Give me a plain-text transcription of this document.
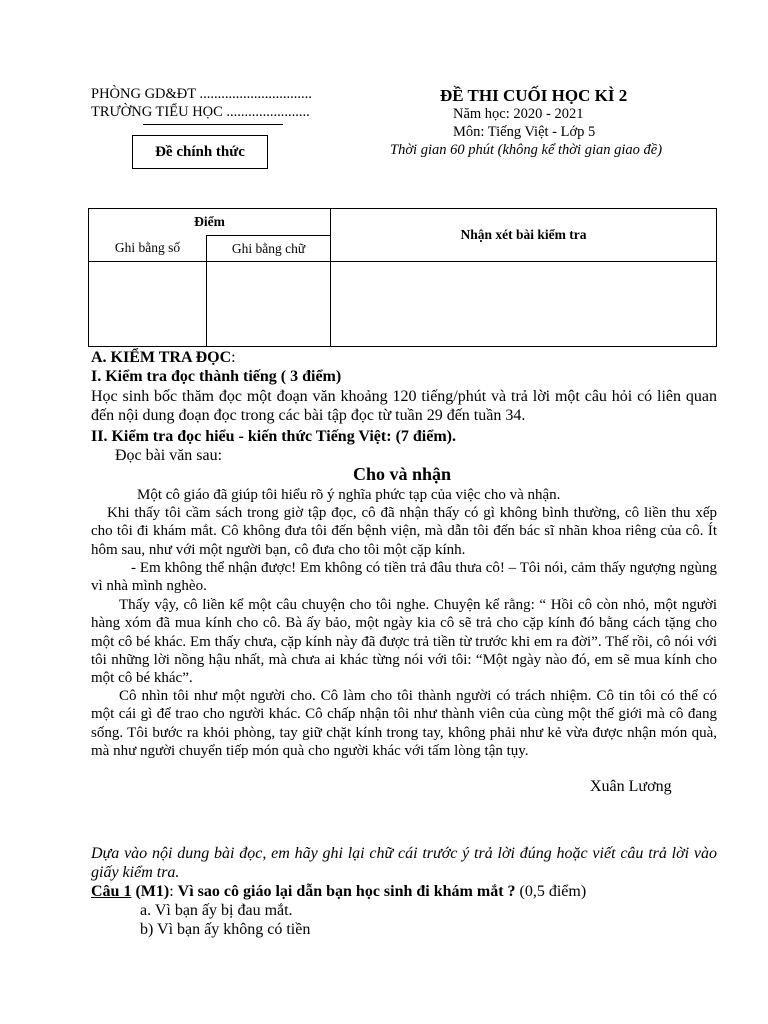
PHÒNG GD&ĐT ...............................
TRƯỜNG TIỂU HỌC .......................
Đề chính thức
ĐỀ THI CUỐI HỌC KÌ 2
Năm học: 2020 - 2021
Môn: Tiếng Việt - Lớp 5
Thời gian 60 phút (không kể thời gian giao đề)
Điểm		Nhận xét bài kiểm tra
Ghi bằng số	Ghi bằng chữ	

A. KIỂM TRA ĐỌC:
I. Kiểm tra đọc thành tiếng ( 3 điểm)
Học sinh bốc thăm đọc một đoạn văn khoảng 120 tiếng/phút và trả lời một câu hỏi có liên quan đến nội dung đoạn đọc trong các bài tập đọc từ tuần 29 đến tuần 34.
II. Kiểm tra đọc hiểu - kiến thức Tiếng Việt: (7 điểm).
Đọc bài văn sau:
Cho và nhận
Một cô giáo đã giúp tôi hiểu rõ ý nghĩa phức tạp của việc cho và nhận.
Khi thấy tôi cầm sách trong giờ tập đọc, cô đã nhận thấy có gì không bình thường, cô liền thu xếp cho tôi đi khám mắt. Cô không đưa tôi đến bệnh viện, mà dẫn tôi đến bác sĩ nhãn khoa riêng của cô. Ít hôm sau, như với một người bạn, cô đưa cho tôi một cặp kính.
- Em không thể nhận được! Em không có tiền trả đâu thưa cô! – Tôi nói, cảm thấy ngượng ngùng vì nhà mình nghèo.
Thấy vậy, cô liền kể một câu chuyện cho tôi nghe. Chuyện kể rằng: “ Hồi cô còn nhỏ, một người hàng xóm đã mua kính cho cô. Bà ấy bảo, một ngày kia cô sẽ trả cho cặp kính đó bằng cách tặng cho một cô bé khác. Em thấy chưa, cặp kính này đã được trả tiền từ trước khi em ra đời”. Thế rồi, cô nói với tôi những lời nồng hậu nhất, mà chưa ai khác từng nói với tôi: “Một ngày nào đó, em sẽ mua kính cho một cô bé khác”.
Cô nhìn tôi như một người cho. Cô làm cho tôi thành người có trách nhiệm. Cô tin tôi có thể có một cái gì để trao cho người khác. Cô chấp nhận tôi như thành viên của cùng một thế giới mà cô đang sống. Tôi bước ra khỏi phòng, tay giữ chặt kính trong tay, không phải như kẻ vừa được nhận món quà, mà như người chuyển tiếp món quà cho người khác với tấm lòng tận tụy.
Xuân Lương
Dựa vào nội dung bài đọc, em hãy ghi lại chữ cái trước ý trả lời đúng hoặc viết câu trả lời vào giấy kiểm tra.
Câu 1 (M1): Vì sao cô giáo lại dẫn bạn học sinh đi khám mắt ? (0,5 điểm)
a. Vì bạn ấy bị đau mắt.
b) Vì bạn ấy không có tiền
